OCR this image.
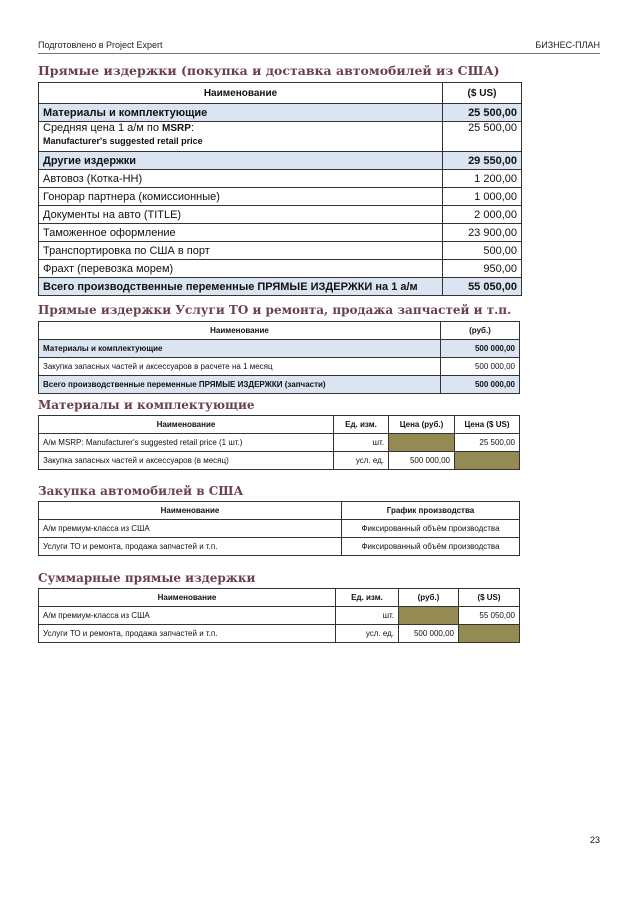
Подготовлено в Project Expert	БИЗНЕС-ПЛАН
Прямые издержки (покупка и доставка автомобилей из США)
Наименование	($ US)
Материалы и комплектующие	25 500,00
Средняя цена 1 а/м по MSRP:
Manufacturer's suggested retail price	25 500,00
Другие издержки	29 550,00
Автовоз (Котка-НН)	1 200,00
Гонорар партнера (комиссионные)	1 000,00
Документы на авто (TITLE)	2 000,00
Таможенное оформление	23 900,00
Транспортировка по США в порт	500,00
Фрахт (перевозка морем)	950,00
Всего производственные переменные ПРЯМЫЕ ИЗДЕРЖКИ на 1 а/м	55 050,00
Прямые издержки Услуги ТО и ремонта, продажа запчастей и т.п.
Наименование	(руб.)
Материалы и комплектующие	500 000,00
Закупка запасных частей и аксессуаров в расчете на 1 месяц	500 000,00
Всего производственные переменные ПРЯМЫЕ ИЗДЕРЖКИ (запчасти)	500 000,00
Материалы и комплектующие
Наименование	Ед. изм.	Цена (руб.)	Цена ($ US)
А/м MSRP: Manufacturer's suggested retail price (1 шт.)	шт.		25 500,00
Закупка запасных частей и аксессуаров (в месяц)	усл. ед.	500 000,00	
Закупка автомобилей в США
Наименование	График производства
А/м премиум-класса из США	Фиксированный объём производства
Услуги ТО и ремонта, продажа запчастей и т.п.	Фиксированный объём производства
Суммарные прямые издержки
Наименование	Ед. изм.	(руб.)	($ US)
А/м премиум-класса из США	шт.		55 050,00
Услуги ТО и ремонта, продажа запчастей и т.п.	усл. ед.	500 000,00	
23
